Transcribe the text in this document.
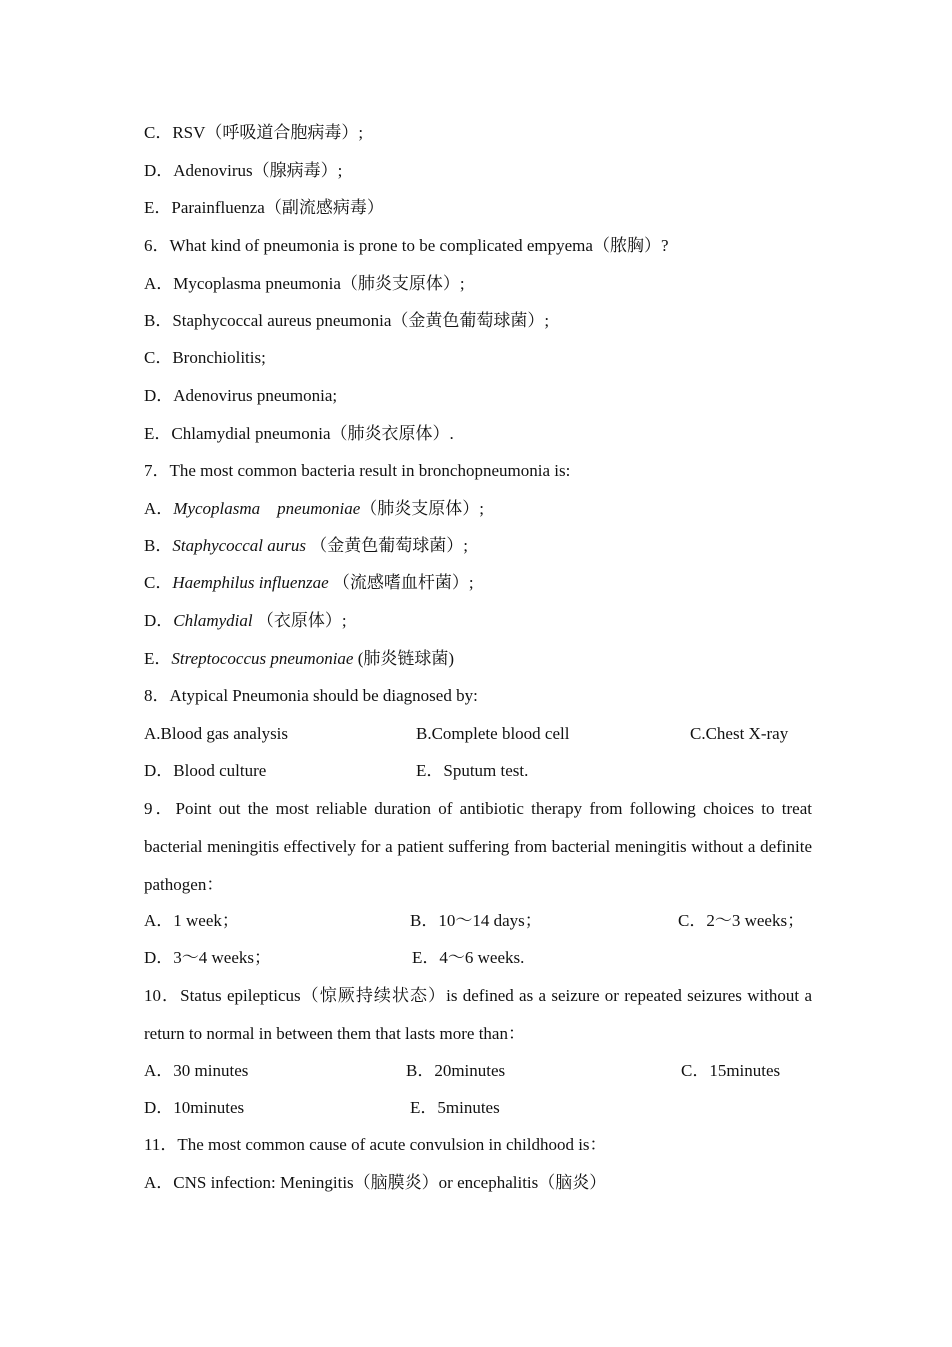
C．RSV（呼吸道合胞病毒）;
D．Adenovirus（腺病毒）;
E．Parainfluenza（副流感病毒）
6．What kind of pneumonia is prone to be complicated empyema（脓胸）?
A．Mycoplasma pneumonia（肺炎支原体）;
B．Staphycoccal aureus pneumonia（金黄色葡萄球菌）;
C．Bronchiolitis;
D．Adenovirus pneumonia;
E．Chlamydial pneumonia（肺炎衣原体）.
7．The most common bacteria result in bronchopneumonia is:
A．Mycoplasma　pneumoniae（肺炎支原体）;
B．Staphycoccal aurus （金黄色葡萄球菌）;
C．Haemphilus influenzae （流感嗜血杆菌）;
D．Chlamydial （衣原体）;
E．Streptococcus pneumoniae (肺炎链球菌)
8．Atypical Pneumonia should be diagnosed by:
A.Blood gas analysis	B.Complete blood cell	C.Chest X-ray
D．Blood culture	E．Sputum test.
9．Point out the most reliable duration of antibiotic therapy from following choices to treat bacterial meningitis effectively for a patient suffering from bacterial meningitis without a definite pathogen：
A．1 week；	B．10～14 days；	C．2～3 weeks；
D．3～4 weeks；	E．4～6 weeks.
10．Status epilepticus（惊厥持续状态）is defined as a seizure or repeated seizures without a return to normal in between them that lasts more than：
A．30 minutes	B．20minutes	C．15minutes
D．10minutes	E．5minutes
11．The most common cause of acute convulsion in childhood is：
A．CNS infection: Meningitis（脑膜炎）or encephalitis（脑炎）
